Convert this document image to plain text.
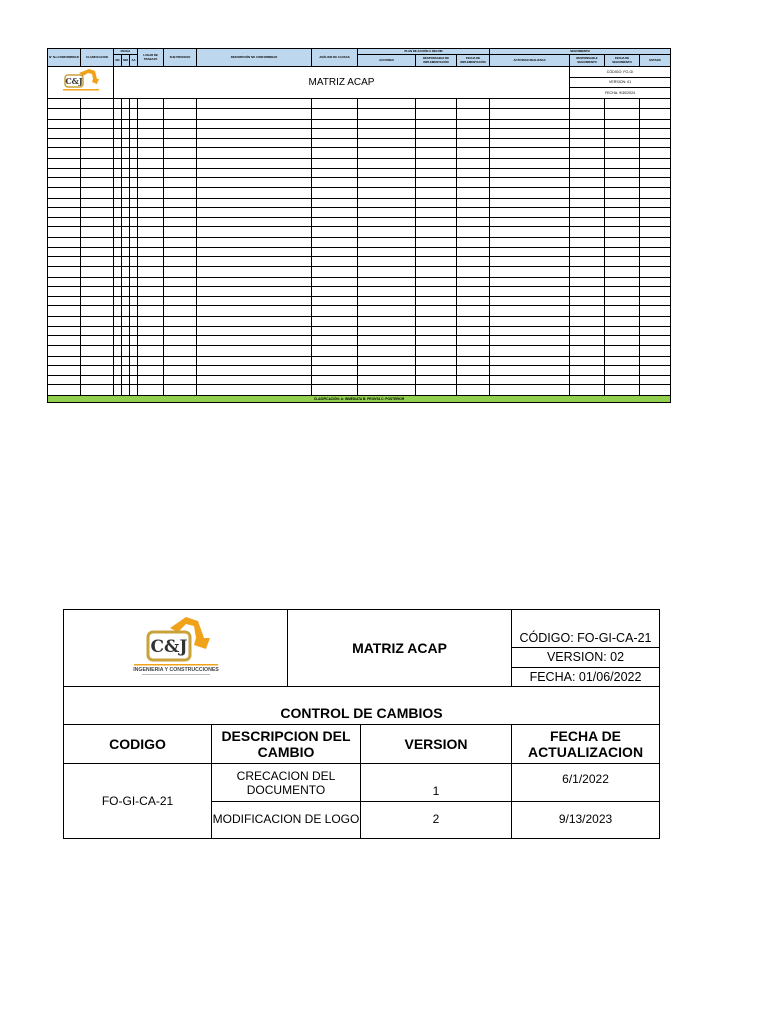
C&J		MATRIZ ACAP											CÓDIGO: FO-GI		
													VERSION: 01		
													FECHA: 9/30/2024		
N° No CONFORMIDAD	CLASIFICACION	FECHA			LUGAR DE TRABAJO	SUB PROCESO	DESCRIPCIÓN NO CONFORMIDAD	ANÁLISIS DE CAUSAS	PLAN DE ACCIÓN A SEGUIR			SEGUIMIENTO			
		DD	MM	AA					ACCIONES	RESPONSABLE DE IMPLEMENTACIÓN	FECHA DE IMPLEMENTACIÓN	ACTIVIDAD REALIZADA	RESPONSABLE SEGUIMIENTO	FECHA DE SEGUIMIENTO	ESTADO

CLASIFICACIÓN: A: INMEDIATA B: PRONTA C: POSTERIOR															
C&J
INGENIERIA Y CONSTRUCCIONES		MATRIZ ACAP		CÓDIGO: FO-GI-CA-21
				VERSION: 02
				FECHA: 01/06/2022

CONTROL DE CAMBIOS				
CODIGO	DESCRIPCION DEL CAMBIO		VERSION	FECHA DE ACTUALIZACION
FO-GI-CA-21	CRECACION DEL DOCUMENTO		1	6/1/2022
	MODIFICACION DE LOGO		2	9/13/2023
